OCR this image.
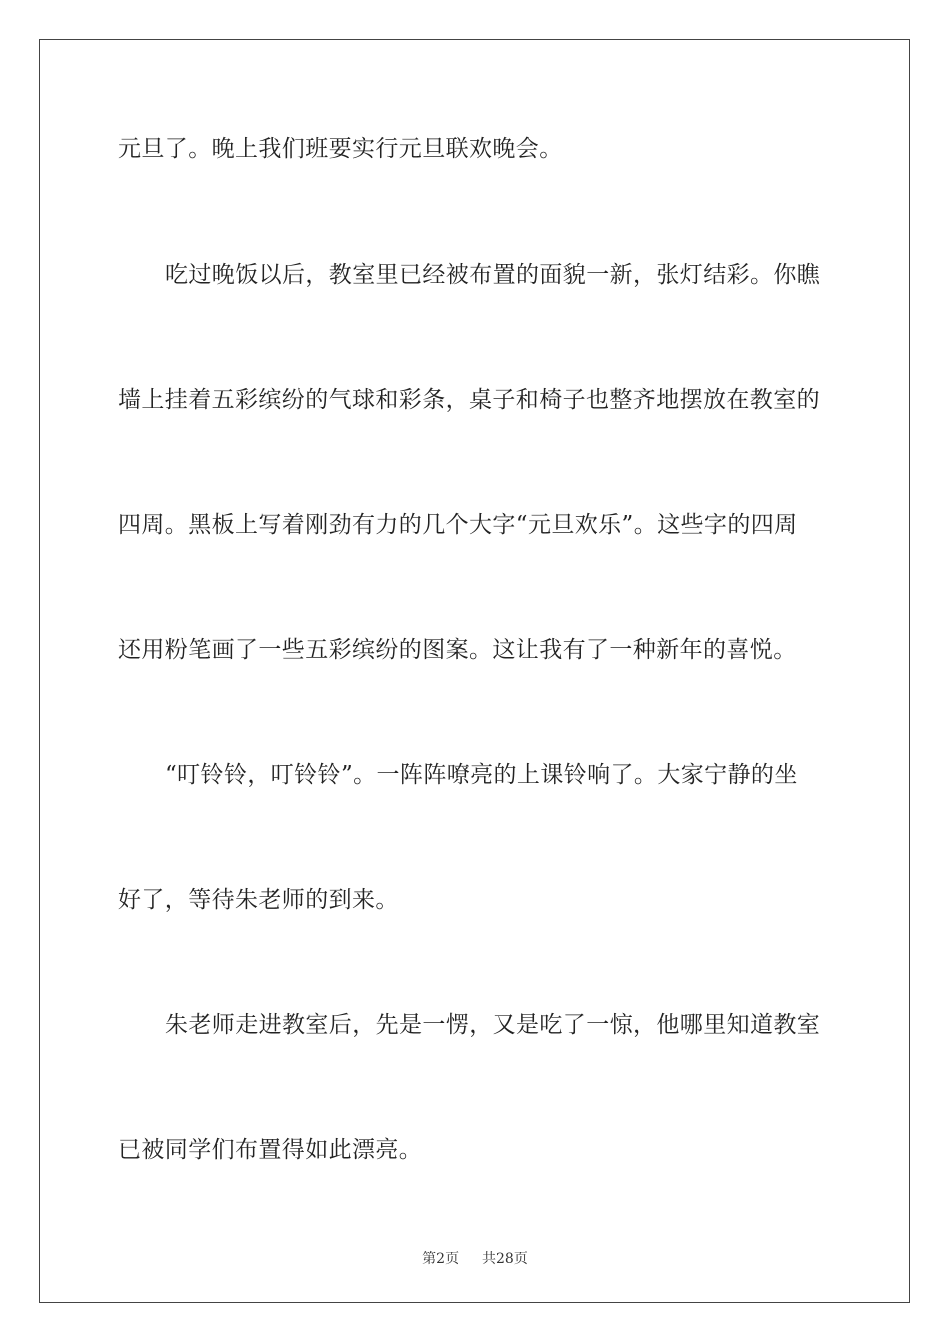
元旦了。晚上我们班要实行元旦联欢晚会。
吃过晚饭以后，教室里已经被布置的面貌一新，张灯结彩。你瞧
墙上挂着五彩缤纷的气球和彩条，桌子和椅子也整齐地摆放在教室的
四周。黑板上写着刚劲有力的几个大字“元旦欢乐”。这些字的四周
还用粉笔画了一些五彩缤纷的图案。这让我有了一种新年的喜悦。
“叮铃铃，叮铃铃”。一阵阵嘹亮的上课铃响了。大家宁静的坐
好了，等待朱老师的到来。
朱老师走进教室后，先是一愣，又是吃了一惊，他哪里知道教室
已被同学们布置得如此漂亮。
第2页 共28页
